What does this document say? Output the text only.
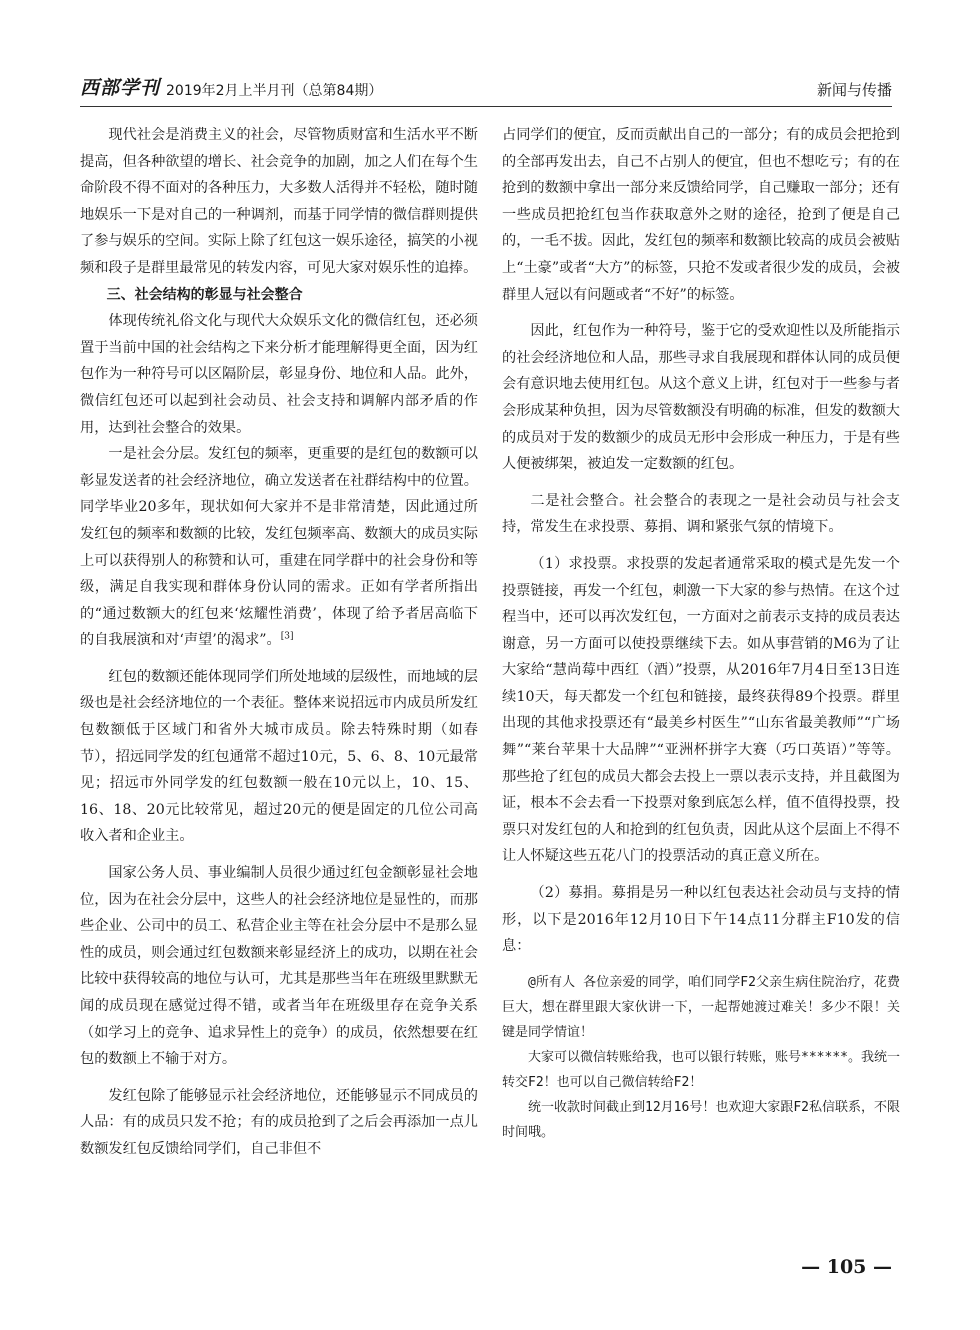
西部学刊 2019年2月上半月刊（总第84期）	新闻与传播

现代社会是消费主义的社会，尽管物质财富和生活水平不断提高，但各种欲望的增长、社会竞争的加剧，加之人们在每个生命阶段不得不面对的各种压力，大多数人活得并不轻松，随时随地娱乐一下是对自己的一种调剂，而基于同学情的微信群则提供了参与娱乐的空间。实际上除了红包这一娱乐途径，搞笑的小视频和段子是群里最常见的转发内容，可见大家对娱乐性的追捧。

三、社会结构的彰显与社会整合

体现传统礼俗文化与现代大众娱乐文化的微信红包，还必须置于当前中国的社会结构之下来分析才能理解得更全面，因为红包作为一种符号可以区隔阶层，彰显身份、地位和人品。此外，微信红包还可以起到社会动员、社会支持和调解内部矛盾的作用，达到社会整合的效果。

一是社会分层。发红包的频率，更重要的是红包的数额可以彰显发送者的社会经济地位，确立发送者在社群结构中的位置。同学毕业20多年，现状如何大家并不是非常清楚，因此通过所发红包的频率和数额的比较，发红包频率高、数额大的成员实际上可以获得别人的称赞和认可，重建在同学群中的社会身份和等级，满足自我实现和群体身份认同的需求。正如有学者所指出的“通过数额大的红包来‘炫耀性消费’，体现了给予者居高临下的自我展演和对‘声望’的渴求”。[3]

红包的数额还能体现同学们所处地域的层级性，而地域的层级也是社会经济地位的一个表征。整体来说招远市内成员所发红包数额低于区域门和省外大城市成员。除去特殊时期（如春节），招远同学发的红包通常不超过10元，5、6、8、10元最常见；招远市外同学发的红包数额一般在10元以上，10、15、16、18、20元比较常见，超过20元的便是固定的几位公司高收入者和企业主。

国家公务人员、事业编制人员很少通过红包金额彰显社会地位，因为在社会分层中，这些人的社会经济地位是显性的，而那些企业、公司中的员工、私营企业主等在社会分层中不是那么显性的成员，则会通过红包数额来彰显经济上的成功，以期在社会比较中获得较高的地位与认可，尤其是那些当年在班级里默默无闻的成员现在感觉过得不错，或者当年在班级里存在竞争关系（如学习上的竞争、追求异性上的竞争）的成员，依然想要在红包的数额上不输于对方。

发红包除了能够显示社会经济地位，还能够显示不同成员的人品：有的成员只发不抢；有的成员抢到了之后会再添加一点儿数额发红包反馈给同学们，自己非但不

占同学们的便宜，反而贡献出自己的一部分；有的成员会把抢到的全部再发出去，自己不占别人的便宜，但也不想吃亏；有的在抢到的数额中拿出一部分来反馈给同学，自己赚取一部分；还有一些成员把抢红包当作获取意外之财的途径，抢到了便是自己的，一毛不拔。因此，发红包的频率和数额比较高的成员会被贴上“土豪”或者“大方”的标签，只抢不发或者很少发的成员，会被群里人冠以有问题或者“不好”的标签。

因此，红包作为一种符号，鉴于它的受欢迎性以及所能指示的社会经济地位和人品，那些寻求自我展现和群体认同的成员便会有意识地去使用红包。从这个意义上讲，红包对于一些参与者会形成某种负担，因为尽管数额没有明确的标准，但发的数额大的成员对于发的数额少的成员无形中会形成一种压力，于是有些人便被绑架，被迫发一定数额的红包。

二是社会整合。社会整合的表现之一是社会动员与社会支持，常发生在求投票、募捐、调和紧张气氛的情境下。

（1）求投票。求投票的发起者通常采取的模式是先发一个投票链接，再发一个红包，刺激一下大家的参与热情。在这个过程当中，还可以再次发红包，一方面对之前表示支持的成员表达谢意，另一方面可以使投票继续下去。如从事营销的M6为了让大家给“慧尚莓中西红（酒）”投票，从2016年7月4日至13日连续10天，每天都发一个红包和链接，最终获得89个投票。群里出现的其他求投票还有“最美乡村医生”“山东省最美教师”“广场舞”“莱台苹果十大品牌”“亚洲杯拼字大赛（巧口英语）”等等。那些抢了红包的成员大都会去投上一票以表示支持，并且截图为证，根本不会去看一下投票对象到底怎么样，值不值得投票，投票只对发红包的人和抢到的红包负责，因此从这个层面上不得不让人怀疑这些五花八门的投票活动的真正意义所在。

（2）募捐。募捐是另一种以红包表达社会动员与支持的情形，以下是2016年12月10日下午14点11分群主F10发的信息：

@所有人 各位亲爱的同学，咱们同学F2父亲生病住院治疗，花费巨大，想在群里跟大家伙讲一下，一起帮她渡过难关！多少不限！关键是同学情谊！

大家可以微信转账给我，也可以银行转账，账号******。我统一转交F2！也可以自己微信转给F2！

统一收款时间截止到12月16号！也欢迎大家跟F2私信联系，不限时间哦。

— 105 —
